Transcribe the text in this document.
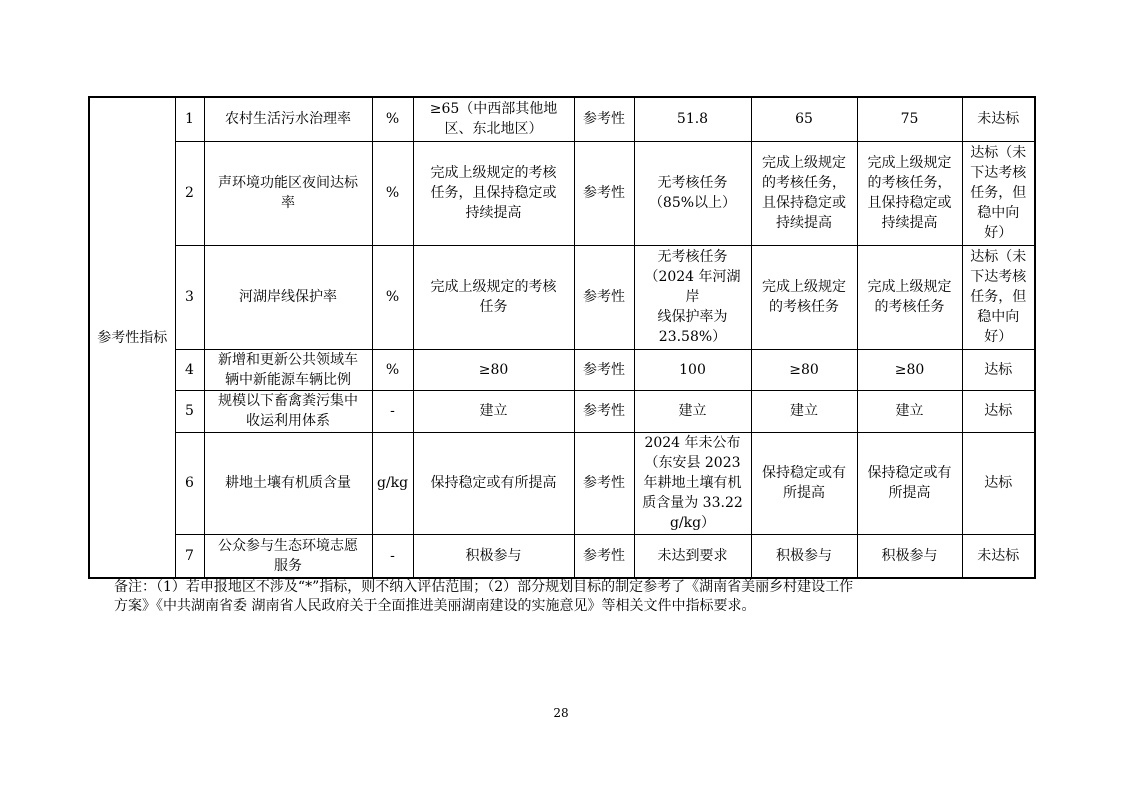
参考性指标	1	农村生活污水治理率	%	≥65（中西部其他地
区、东北地区）	参考性	51.8	65	75	未达标
	2	声环境功能区夜间达标
率	%	完成上级规定的考核
任务，且保持稳定或
持续提高	参考性	无考核任务
（85%以上）	完成上级规定
的考核任务，
且保持稳定或
持续提高	完成上级规定
的考核任务，
且保持稳定或
持续提高	达标（未
下达考核
任务，但
稳中向
好）
	3	河湖岸线保护率	%	完成上级规定的考核
任务	参考性	无考核任务
（2024 年河湖岸
线保护率为
23.58%）	完成上级规定
的考核任务	完成上级规定
的考核任务	达标（未
下达考核
任务，但
稳中向
好）
	4	新增和更新公共领域车
辆中新能源车辆比例	%	≥80	参考性	100	≥80	≥80	达标
	5	规模以下畜禽粪污集中
收运利用体系	-	建立	参考性	建立	建立	建立	达标
	6	耕地土壤有机质含量	g/kg	保持稳定或有所提高	参考性	2024 年未公布
（东安县 2023
年耕地土壤有机
质含量为 33.22
g/kg）	保持稳定或有
所提高	保持稳定或有
所提高	达标
	7	公众参与生态环境志愿
服务	-	积极参与	参考性	未达到要求	积极参与	积极参与	未达标
备注：（1）若申报地区不涉及“*”指标，则不纳入评估范围；（2）部分规划目标的制定参考了《湖南省美丽乡村建设工作
方案》《中共湖南省委 湖南省人民政府关于全面推进美丽湖南建设的实施意见》等相关文件中指标要求。
28
